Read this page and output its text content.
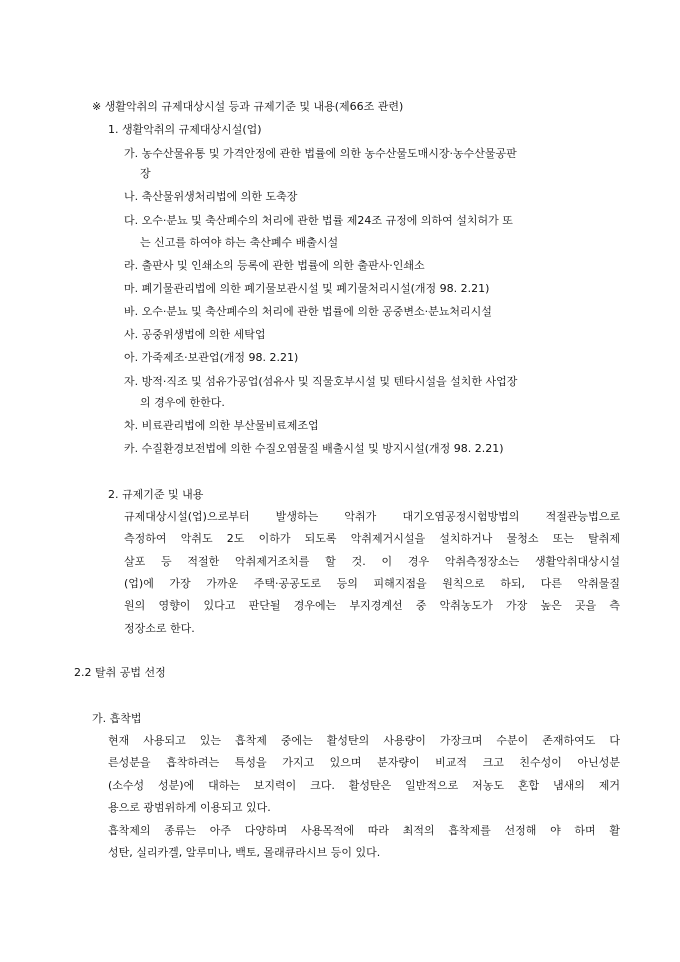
※ 생활악취의 규제대상시설 등과 규제기준 및 내용(제66조 관련)
1. 생활악취의 규제대상시설(업)
가. 농수산물유통 및 가격안정에 관한 법률에 의한 농수산물도매시장·농수산물공판
장
나. 축산물위생처리법에 의한 도축장
다. 오수·분뇨 및 축산폐수의 처리에 관한 법률 제24조 규정에 의하여 설치허가 또
는 신고를 하여야 하는 축산폐수 배출시설
라. 출판사 및 인쇄소의 등록에 관한 법률에 의한 출판사·인쇄소
마. 폐기물관리법에 의한 폐기물보관시설 및 폐기물처리시설(개정 98. 2.21)
바. 오수·분뇨 및 축산폐수의 처리에 관한 법률에 의한 공중변소·분뇨처리시설
사. 공중위생법에 의한 세탁업
아. 가죽제조·보관업(개정 98. 2.21)
자. 방적·직조 및 섬유가공업(섬유사 및 직물호부시설 및 텐타시설을 설치한 사업장
의 경우에 한한다.
차. 비료관리법에 의한 부산물비료제조업
카. 수질환경보전법에 의한 수질오염물질 배출시설 및 방지시설(개정 98. 2.21)
2. 규제기준 및 내용
규제대상시설(업)으로부터 발생하는 악취가 대기오염공정시험방법의 적절관능법으로
측정하여 악취도 2도 이하가 되도록 악취제거시설을 설치하거나 물청소 또는 탈취제
살포 등 적절한 악취제거조치를 할 것. 이 경우 악취측정장소는 생활악취대상시설
(업)에 가장 가까운 주택·공공도로 등의 피해지점을 원칙으로 하되, 다른 악취물질
원의 영향이 있다고 판단될 경우에는 부지경계선 중 악취농도가 가장 높은 곳을 측
정장소로 한다.
2.2 탈취 공법 선정
가. 흡착법
현재 사용되고 있는 흡착제 중에는 활성탄의 사용량이 가장크며 수분이 존재하여도 다
른성분을 흡착하려는 특성을 가지고 있으며 분자량이 비교적 크고 친수성이 아닌성분
(소수성 성분)에 대하는 보지력이 크다. 활성탄은 일반적으로 저농도 혼합 냄새의 제거
용으로 광범위하게 이용되고 있다.
흡착제의 종류는 아주 다양하며 사용목적에 따라 최적의 흡착제를 선정해 야 하며 활
성탄, 실리카겔, 알루미나, 백토, 몰래큐라시브 등이 있다.
